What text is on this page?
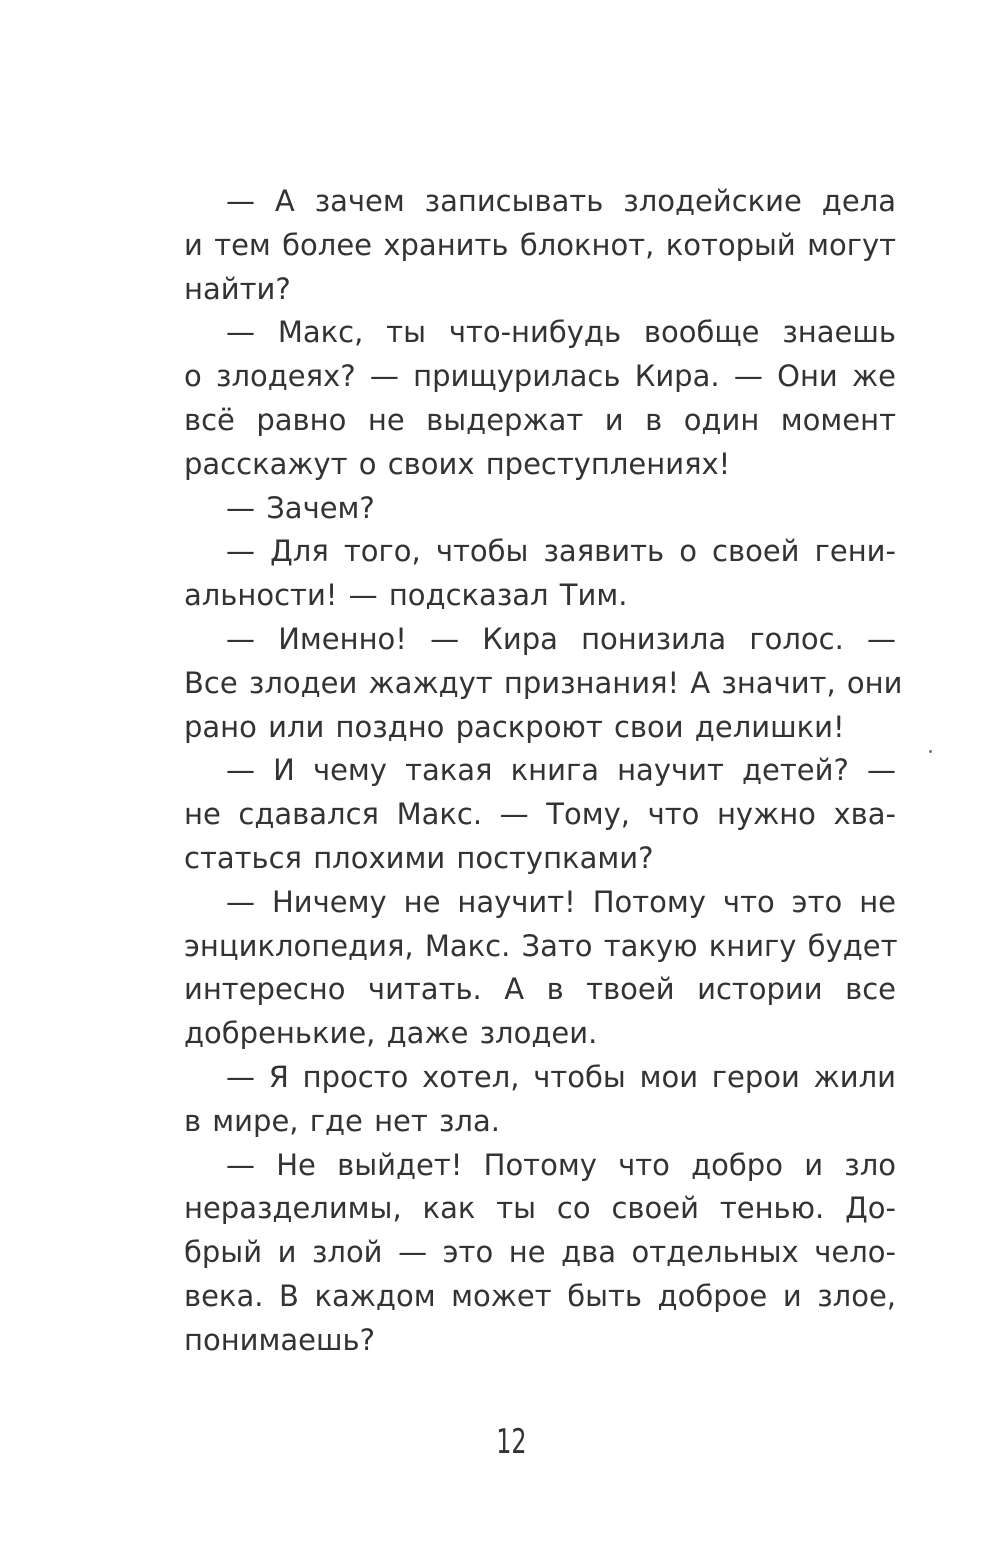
— А зачем записывать злодейские дела
и тем более хранить блокнот, который могут
найти?
— Макс, ты что-нибудь вообще знаешь
о злодеях? — прищурилась Кира. — Они же
всё равно не выдержат и в один момент
расскажут о своих преступлениях!
— Зачем?
— Для того, чтобы заявить о своей гени-
альности! — подсказал Тим.
— Именно! — Кира понизила голос. —
Все злодеи жаждут признания! А значит, они
рано или поздно раскроют свои делишки!
— И чему такая книга научит детей? —
не сдавался Макс. — Тому, что нужно хва-
статься плохими поступками?
— Ничему не научит! Потому что это не
энциклопедия, Макс. Зато такую книгу будет
интересно читать. А в твоей истории все
добренькие, даже злодеи.
— Я просто хотел, чтобы мои герои жили
в мире, где нет зла.
— Не выйдет! Потому что добро и зло
неразделимы, как ты со своей тенью. До-
брый и злой — это не два отдельных чело-
века. В каждом может быть доброе и злое,
понимаешь?
12
